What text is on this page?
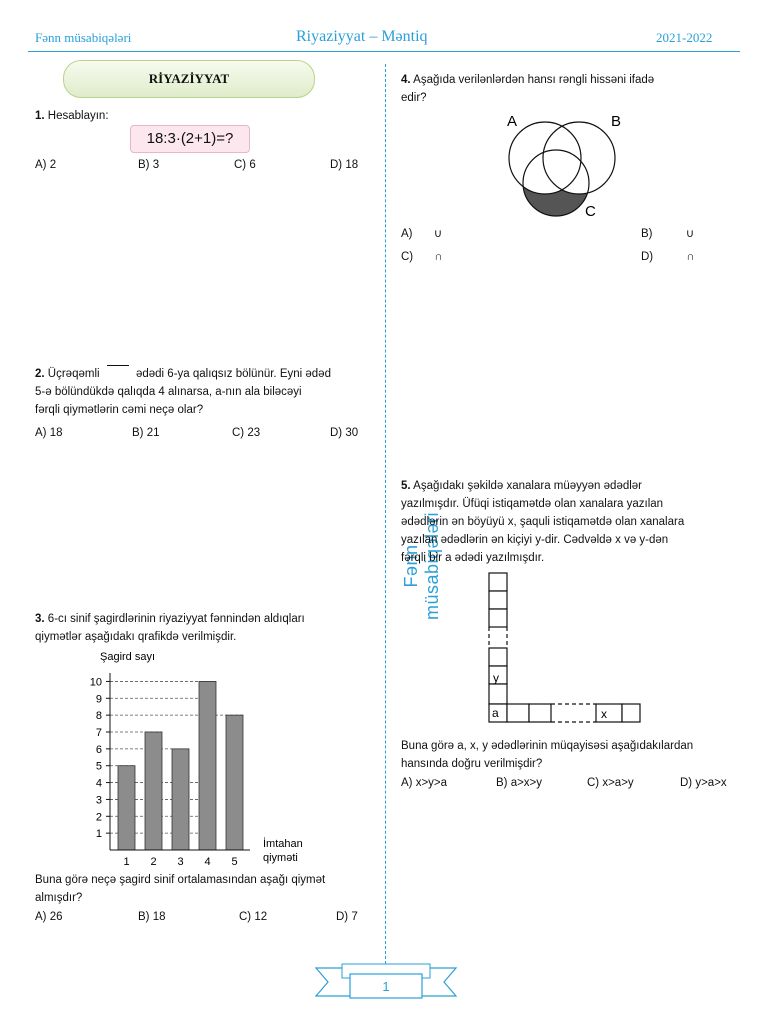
Fənn müsabiqələri	Riyaziyyat – Məntiq	2021-2022
Fənn müsabiqələri
RİYAZİYYAT
1. Hesablayın:
18:3·(2+1)=?
A) 2	B) 3	C) 6	D) 18
2. Üçrəqəmli	ədədi 6-ya qalıqsız bölünür. Eyni ədəd
5-ə bölündükdə qalıqda 4 alınarsa, a-nın ala biləcəyi
fərqli qiymətlərin cəmi neçə olar?
A) 18	B) 21	C) 23	D) 30
3. 6-cı sinif şagirdlərinin riyaziyyat fənnindən aldıqları
qiymətlər aşağıdakı qrafikdə verilmişdir.
Şagird sayı
1
2
3
4
5
6
7
8
9
10
1 2 3 4 5
İmtahan
qiyməti
Buna görə neçə şagird sinif ortalamasından aşağı qiymət
almışdır?
A) 26	B) 18	C) 12	D) 7
4. Aşağıda verilənlərdən hansı rəngli hissəni ifadə
edir?
A	B
C
A) ∪	B)	∪
C) ∩	D)	∩
5. Aşağıdakı şəkildə xanalara müəyyən ədədlər
yazılmışdır. Üfüqi istiqamətdə olan xanalara yazılan
ədədlərin ən böyüyü x, şaquli istiqamətdə olan xanalara
yazılan ədədlərin ən kiçiyi y-dir. Cədvəldə x və y-dən
fərqli bir a ədədi yazılmışdır.
y
a	x
Buna görə a, x, y ədədlərinin müqayisəsi aşağıdakılardan
hansında doğru verilmişdir?
A) x>y>a	B) a>x>y	C) x>a>y	D) y>a>x
1
